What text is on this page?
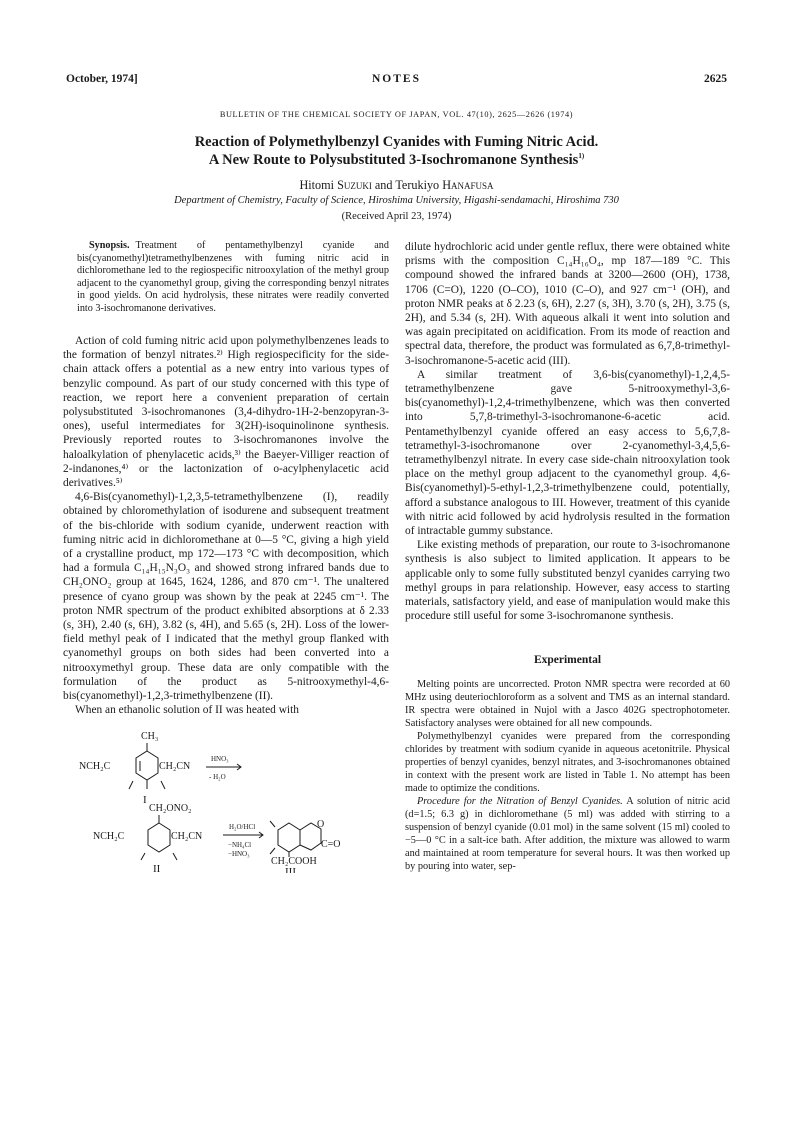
October, 1974]	NOTES	2625
BULLETIN OF THE CHEMICAL SOCIETY OF JAPAN, VOL. 47(10), 2625—2626 (1974)
Reaction of Polymethylbenzyl Cyanides with Fuming Nitric Acid.
A New Route to Polysubstituted 3-Isochromanone Synthesis$^{1)}$
Hitomi Suzuki and Terukiyo Hanafusa
Department of Chemistry, Faculty of Science, Hiroshima University, Higashi-sendamachi, Hiroshima 730
(Received April 23, 1974)

Synopsis. Treatment of pentamethylbenzyl cyanide and bis(cyanomethyl)tetramethylbenzenes with fuming nitric acid in dichloromethane led to the regiospecific nitrooxylation of the methyl group adjacent to the cyanomethyl group, giving the corresponding benzyl nitrates in good yields. On acid hydrolysis, these nitrates were readily converted into 3-isochromanone derivatives.

Action of cold fuming nitric acid upon polymethylbenzenes leads to the formation of benzyl nitrates.²⁾ High regiospecificity for the side-chain attack offers a potential as a new entry into various types of benzylic compound. As part of our study concerned with this type of reaction, we report here a convenient preparation of certain polysubstituted 3-isochromanones (3,4-dihydro-1H-2-benzopyran-3-ones), useful intermediates for 3(2H)-isoquinolinone synthesis. Previously reported routes to 3-isochromanones involve the haloalkylation of phenylacetic acids,³⁾ the Baeyer-Villiger reaction of 2-indanones,⁴⁾ or the lactonization of o-acylphenylacetic acid derivatives.⁵⁾

4,6-Bis(cyanomethyl)-1,2,3,5-tetramethylbenzene (I), readily obtained by chloromethylation of isodurene and subsequent treatment of the bis-chloride with sodium cyanide, underwent reaction with fuming nitric acid in dichloromethane at 0—5 °C, giving a high yield of a crystalline product, mp 172—173 °C with decomposition, which had a formula C₁₄H₁₅N₃O₃ and showed strong infrared bands due to CH₂ONO₂ group at 1645, 1624, 1286, and 870 cm⁻¹. The unaltered presence of cyano group was shown by the peak at 2245 cm⁻¹. The proton NMR spectrum of the product exhibited absorptions at δ 2.33 (s, 3H), 2.40 (s, 6H), 3.82 (s, 4H), and 5.65 (s, 2H). Loss of the lower-field methyl peak of I indicated that the methyl group flanked with cyanomethyl groups on both sides had been converted into a nitrooxymethyl group. These data are only compatible with the formulation of the product as 5-nitrooxymethyl-4,6-bis(cyanomethyl)-1,2,3-trimethylbenzene (II).

When an ethanolic solution of II was heated with

CH₃
NCH₂C	CH₂CN
I
HNO₃
- H₂O
CH₂ONO₂
NCH₂C	CH₂CN
II
H₂O/HCl
−NH₄Cl
−HNO₃
O
C=O
CH₂COOH
III

dilute hydrochloric acid under gentle reflux, there were obtained white prisms with the composition C₁₄H₁₆O₄, mp 187—189 °C. This compound showed the infrared bands at 3200—2600 (OH), 1738, 1706 (C=O), 1220 (O–CO), 1010 (C–O), and 927 cm⁻¹ (OH), and proton NMR peaks at δ 2.23 (s, 6H), 2.27 (s, 3H), 3.70 (s, 2H), 3.75 (s, 2H), and 5.34 (s, 2H). With aqueous alkali it went into solution and was again precipitated on acidification. From its mode of reaction and spectral data, therefore, the product was formulated as 6,7,8-trimethyl-3-isochromanone-5-acetic acid (III).

A similar treatment of 3,6-bis(cyanomethyl)-1,2,4,5-tetramethylbenzene gave 5-nitrooxymethyl-3,6-bis(cyanomethyl)-1,2,4-trimethylbenzene, which was then converted into 5,7,8-trimethyl-3-isochromanone-6-acetic acid. Pentamethylbenzyl cyanide offered an easy access to 5,6,7,8-tetramethyl-3-isochromanone over 2-cyanomethyl-3,4,5,6-tetramethylbenzyl nitrate. In every case side-chain nitrooxylation took place on the methyl group adjacent to the cyanomethyl group. 4,6-Bis(cyanomethyl)-5-ethyl-1,2,3-trimethylbenzene could, potentially, afford a substance analogous to III. However, treatment of this cyanide with nitric acid followed by acid hydrolysis resulted in the formation of intractable gummy substance.

Like existing methods of preparation, our route to 3-isochromanone synthesis is also subject to limited application. It appears to be applicable only to some fully substituted benzyl cyanides carrying two methyl groups in para relationship. However, easy access to starting materials, satisfactory yield, and ease of manipulation would make this procedure still useful for some 3-isochromanone synthesis.

Experimental

Melting points are uncorrected. Proton NMR spectra were recorded at 60 MHz using deuteriochloroform as a solvent and TMS as an internal standard. IR spectra were obtained in Nujol with a Jasco 402G spectrophotometer. Satisfactory analyses were obtained for all new compounds.

Polymethylbenzyl cyanides were prepared from the corresponding chlorides by treatment with sodium cyanide in aqueous acetonitrile. Physical properties of benzyl cyanides, benzyl nitrates, and 3-isochromanones obtained in context with the present work are listed in Table 1. No attempt has been made to optimize the conditions.

Procedure for the Nitration of Benzyl Cyanides. A solution of nitric acid (d=1.5; 6.3 g) in dichloromethane (5 ml) was added with stirring to a suspension of benzyl cyanide (0.01 mol) in the same solvent (15 ml) cooled to −5—0 °C in a salt-ice bath. After addition, the mixture was allowed to warm and maintained at room temperature for several hours. It was then worked up by pouring into water, sep-
